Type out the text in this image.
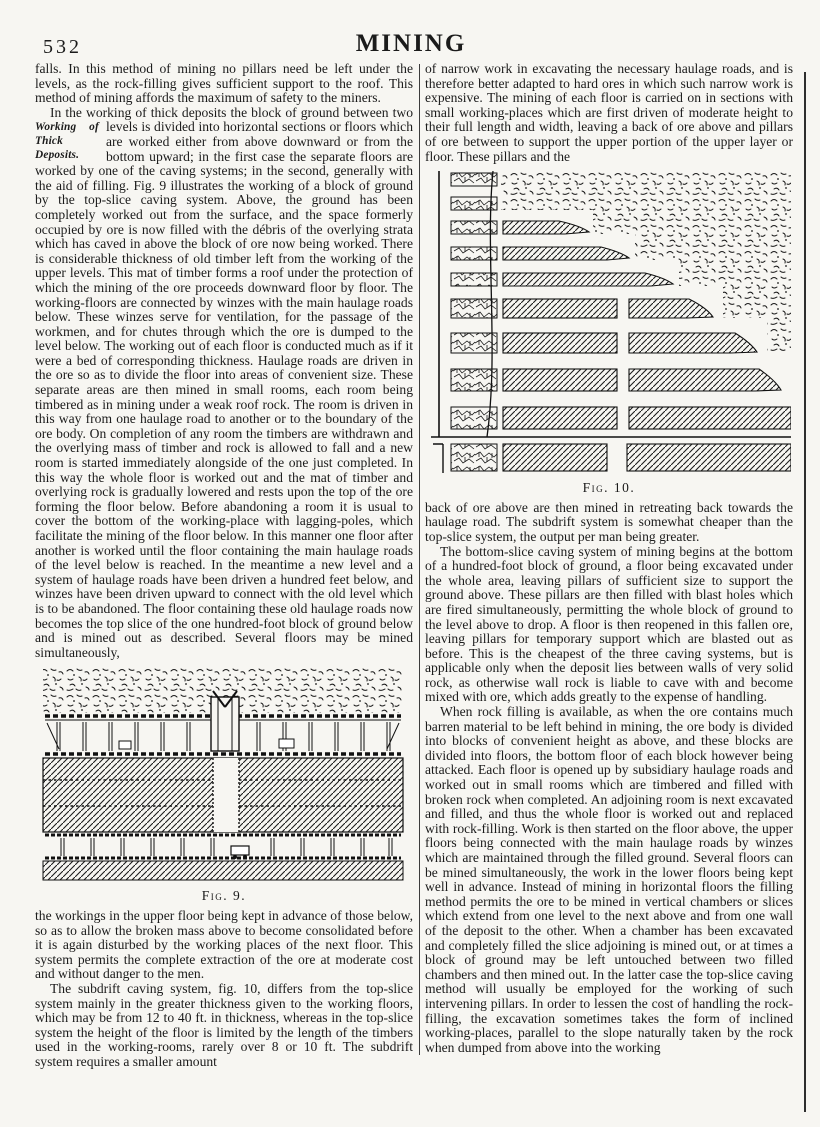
532	MINING

falls. In this method of mining no pillars need be left under the levels, as the rock-filling gives sufficient support to the roof. This method of mining affords the maximum of safety to the miners.

In the working of thick deposits the block of ground between two levels is divided into horizontal sections or floors which
Working of Thick Deposits.
are worked either from above downward or from the bottom upward; in the first case the separate floors are worked by one of the caving systems; in the second, generally with the aid of filling. Fig. 9 illustrates the working of a block of ground by the top-slice caving system. Above, the ground has been completely worked out from the surface, and the space formerly occupied by ore is now filled with the débris of the overlying strata which has caved in above the block of ore now being worked. There is considerable thickness of old timber left from the working of the upper levels. This mat of timber forms a roof under the protection of which the mining of the ore proceeds downward floor by floor. The working-floors are connected by winzes with the main haulage roads below. These winzes serve for ventilation, for the passage of the workmen, and for chutes through which the ore is dumped to the level below. The working out of each floor is conducted much as if it were a bed of corresponding thickness. Haulage roads are driven in the ore so as to divide the floor into areas of convenient size. These separate areas are then mined in small rooms, each room being timbered as in mining under a weak roof rock. The room is driven in this way from one haulage road to another or to the boundary of the ore body. On completion of any room the timbers are withdrawn and the overlying mass of timber and rock is allowed to fall and a new room is started immediately alongside of the one just completed. In this way the whole floor is worked out and the mat of timber and overlying rock is gradually lowered and rests upon the top of the ore forming the floor below. Before abandoning a room it is usual to cover the bottom of the working-place with lagging-poles, which facilitate the mining of the floor below. In this manner one floor after another is worked until the floor containing the main haulage roads of the level below is reached. In the meantime a new level and a system of haulage roads have been driven a hundred feet below, and winzes have been driven upward to connect with the old level which is to be abandoned. The floor containing these old haulage roads now becomes the top slice of the one hundred-foot block of ground below and is mined out as described. Several floors may be mined simultaneously,

Fig. 9.

the workings in the upper floor being kept in advance of those below, so as to allow the broken mass above to become consolidated before it is again disturbed by the working places of the next floor. This system permits the complete extraction of the ore at moderate cost and without danger to the men.

The subdrift caving system, fig. 10, differs from the top-slice system mainly in the greater thickness given to the working floors, which may be from 12 to 40 ft. in thickness, whereas in the top-slice system the height of the floor is limited by the length of the timbers used in the working-rooms, rarely over 8 or 10 ft. The subdrift system requires a smaller amount

of narrow work in excavating the necessary haulage roads, and is therefore better adapted to hard ores in which such narrow work is expensive. The mining of each floor is carried on in sections with small working-places which are first driven of moderate height to their full length and width, leaving a back of ore above and pillars of ore between to support the upper portion of the upper layer or floor. These pillars and the

Fig. 10.

back of ore above are then mined in retreating back towards the haulage road. The subdrift system is somewhat cheaper than the top-slice system, the output per man being greater.

The bottom-slice caving system of mining begins at the bottom of a hundred-foot block of ground, a floor being excavated under the whole area, leaving pillars of sufficient size to support the ground above. These pillars are then filled with blast holes which are fired simultaneously, permitting the whole block of ground to the level above to drop. A floor is then reopened in this fallen ore, leaving pillars for temporary support which are blasted out as before. This is the cheapest of the three caving systems, but is applicable only when the deposit lies between walls of very solid rock, as otherwise wall rock is liable to cave with and become mixed with ore, which adds greatly to the expense of handling.

When rock filling is available, as when the ore contains much barren material to be left behind in mining, the ore body is divided into blocks of convenient height as above, and these blocks are divided into floors, the bottom floor of each block however being attacked. Each floor is opened up by subsidiary haulage roads and worked out in small rooms which are timbered and filled with broken rock when completed. An adjoining room is next excavated and filled, and thus the whole floor is worked out and replaced with rock-filling. Work is then started on the floor above, the upper floors being connected with the main haulage roads by winzes which are maintained through the filled ground. Several floors can be mined simultaneously, the work in the lower floors being kept well in advance. Instead of mining in horizontal floors the filling method permits the ore to be mined in vertical chambers or slices which extend from one level to the next above and from one wall of the deposit to the other. When a chamber has been excavated and completely filled the slice adjoining is mined out, or at times a block of ground may be left untouched between two filled chambers and then mined out. In the latter case the top-slice caving method will usually be employed for the working of such intervening pillars. In order to lessen the cost of handling the rock-filling, the excavation sometimes takes the form of inclined working-places, parallel to the slope naturally taken by the rock when dumped from above into the working
